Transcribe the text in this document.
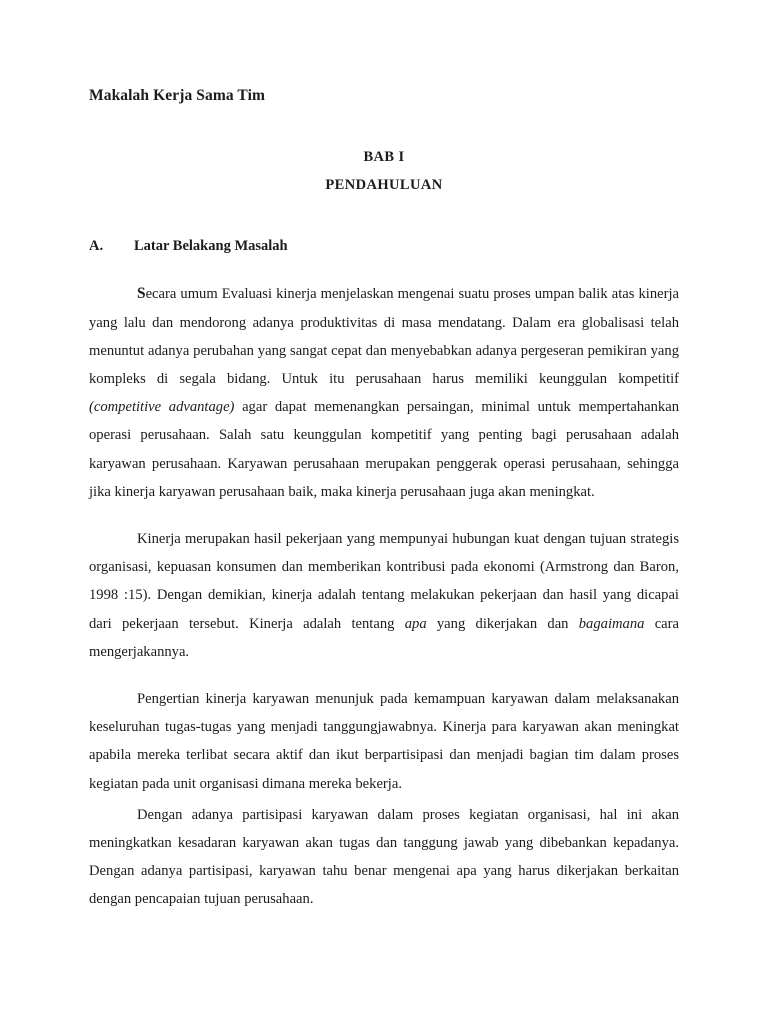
Makalah Kerja Sama Tim
BAB I
PENDAHULUAN
A. Latar Belakang Masalah

Secara umum Evaluasi kinerja menjelaskan mengenai suatu proses umpan balik atas kinerja yang lalu dan mendorong adanya produktivitas di masa mendatang. Dalam era globalisasi telah menuntut adanya perubahan yang sangat cepat dan menyebabkan adanya pergeseran pemikiran yang kompleks di segala bidang. Untuk itu perusahaan harus memiliki keunggulan kompetitif (competitive advantage) agar dapat memenangkan persaingan, minimal untuk mempertahankan operasi perusahaan. Salah satu keunggulan kompetitif yang penting bagi perusahaan adalah karyawan perusahaan. Karyawan perusahaan merupakan penggerak operasi perusahaan, sehingga jika kinerja karyawan perusahaan baik, maka kinerja perusahaan juga akan meningkat.

Kinerja merupakan hasil pekerjaan yang mempunyai hubungan kuat dengan tujuan strategis organisasi, kepuasan konsumen dan memberikan kontribusi pada ekonomi (Armstrong dan Baron, 1998 :15). Dengan demikian, kinerja adalah tentang melakukan pekerjaan dan hasil yang dicapai dari pekerjaan tersebut. Kinerja adalah tentang apa yang dikerjakan dan bagaimana cara mengerjakannya.

Pengertian kinerja karyawan menunjuk pada kemampuan karyawan dalam melaksanakan keseluruhan tugas-tugas yang menjadi tanggungjawabnya. Kinerja para karyawan akan meningkat apabila mereka terlibat secara aktif dan ikut berpartisipasi dan menjadi bagian tim dalam proses kegiatan pada unit organisasi dimana mereka bekerja.

Dengan adanya partisipasi karyawan dalam proses kegiatan organisasi, hal ini akan meningkatkan kesadaran karyawan akan tugas dan tanggung jawab yang dibebankan kepadanya. Dengan adanya partisipasi, karyawan tahu benar mengenai apa yang harus dikerjakan berkaitan dengan pencapaian tujuan perusahaan.
